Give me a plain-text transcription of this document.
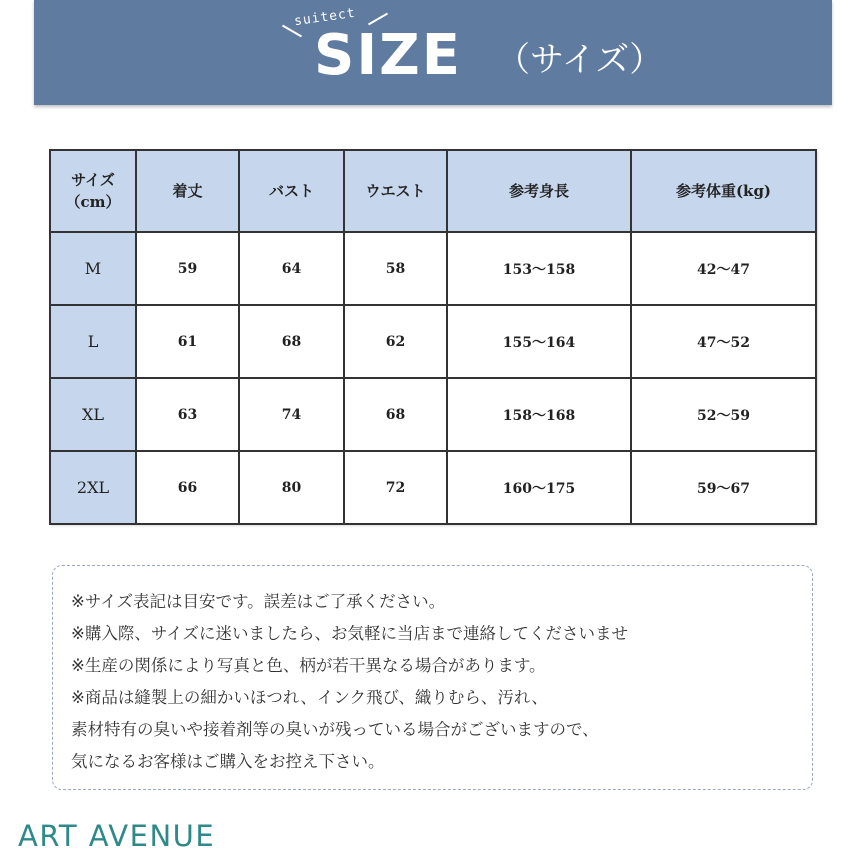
suitect
SIZE （サイズ）
サイズ
（cm）	着丈	バスト	ウエスト	参考身長	参考体重(kg)
M	59	64	58	153〜158	42〜47
L	61	68	62	155〜164	47〜52
XL	63	74	68	158〜168	52〜59
2XL	66	80	72	160〜175	59〜67
※サイズ表記は目安です。誤差はご了承ください。
※購入際、サイズに迷いましたら、お気軽に当店まで連絡してくださいませ
※生産の関係により写真と色、柄が若干異なる場合があります。
※商品は縫製上の細かいほつれ、インク飛び、織りむら、汚れ、
素材特有の臭いや接着剤等の臭いが残っている場合がございますので、
気になるお客様はご購入をお控え下さい。
ART AVENUE
